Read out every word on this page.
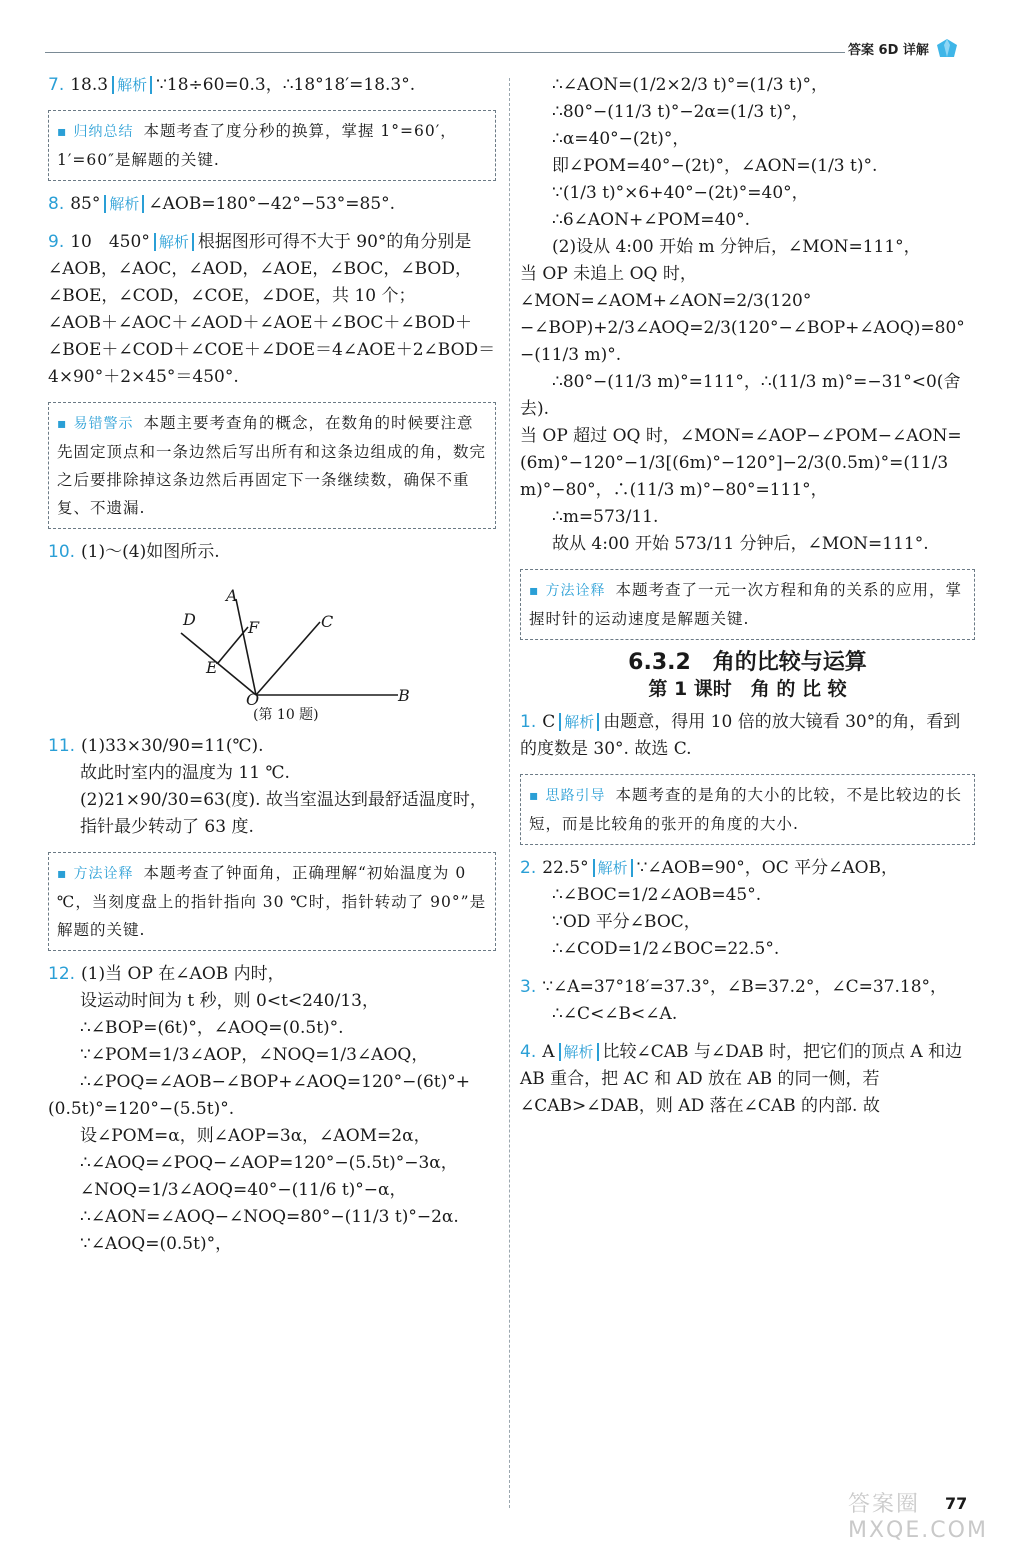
答案 6D 详解

7. 18.3 解析 ∵18÷60=0.3，∴18°18′=18.3°.

▪ 归纳总结 本题考查了度分秒的换算，掌握 1°=60′，1′=60″是解题的关键.

8. 85° 解析 ∠AOB=180°−42°−53°=85°.

9. 10　450° 解析 根据图形可得不大于 90°的角分别是∠AOB，∠AOC，∠AOD，∠AOE，∠BOC，∠BOD，∠BOE，∠COD，∠COE，∠DOE，共 10 个；
∠AOB＋∠AOC＋∠AOD＋∠AOE＋∠BOC＋∠BOD＋∠BOE＋∠COD＋∠COE＋∠DOE＝4∠AOE＋2∠BOD＝4×90°＋2×45°＝450°.

▪ 易错警示 本题主要考查角的概念，在数角的时候要注意先固定顶点和一条边然后写出所有和这条边组成的角，数完之后要排除掉这条边然后再固定下一条继续数，确保不重复、不遗漏.

10. (1)～(4)如图所示.

A
B
C
D
E
F
O
(第 10 题)

11. (1)33×30/90=11(℃).
故此时室内的温度为 11 ℃.
(2)21×90/30=63(度). 故当室温达到最舒适温度时，
指针最少转动了 63 度.

▪ 方法诠释 本题考查了钟面角，正确理解“初始温度为 0 ℃，当刻度盘上的指针指向 30 ℃时，指针转动了 90°”是解题的关键.

12. (1)当 OP 在∠AOB 内时，
设运动时间为 t 秒，则 0<t<240/13，
∴∠BOP=(6t)°，∠AOQ=(0.5t)°.
∵∠POM=1/3∠AOP，∠NOQ=1/3∠AOQ，
∴∠POQ=∠AOB−∠BOP+∠AOQ=120°−(6t)°+(0.5t)°=120°−(5.5t)°.
设∠POM=α，则∠AOP=3α，∠AOM=2α，
∴∠AOQ=∠POQ−∠AOP=120°−(5.5t)°−3α，
∠NOQ=1/3∠AOQ=40°−(11/6 t)°−α，
∴∠AON=∠AOQ−∠NOQ=80°−(11/3 t)°−2α.
∵∠AOQ=(0.5t)°，

∴∠AON=(1/2×2/3 t)°=(1/3 t)°，
∴80°−(11/3 t)°−2α=(1/3 t)°，
∴α=40°−(2t)°，
即∠POM=40°−(2t)°，∠AON=(1/3 t)°.
∵(1/3 t)°×6+40°−(2t)°=40°，
∴6∠AON+∠POM=40°.
(2)设从 4:00 开始 m 分钟后，∠MON=111°，
当 OP 未追上 OQ 时，∠MON=∠AOM+∠AON=2/3(120°−∠BOP)+2/3∠AOQ=2/3(120°−∠BOP+∠AOQ)=80°−(11/3 m)°.
∴80°−(11/3 m)°=111°，∴(11/3 m)°=−31°<0(舍去).
当 OP 超过 OQ 时，∠MON=∠AOP−∠POM−∠AON=(6m)°−120°−1/3[(6m)°−120°]−2/3(0.5m)°=(11/3 m)°−80°，∴(11/3 m)°−80°=111°，
∴m=573/11.
故从 4:00 开始 573/11 分钟后，∠MON=111°.

▪ 方法诠释 本题考查了一元一次方程和角的关系的应用，掌握时针的运动速度是解题关键.
6.3.2　角的比较与运算
第 1 课时　角 的 比 较

1. C 解析 由题意，得用 10 倍的放大镜看 30°的角，看到的度数是 30°. 故选 C.

▪ 思路引导 本题考查的是角的大小的比较，不是比较边的长短，而是比较角的张开的角度的大小.

2. 22.5° 解析 ∵∠AOB=90°，OC 平分∠AOB，
∴∠BOC=1/2∠AOB=45°.
∵OD 平分∠BOC，
∴∠COD=1/2∠BOC=22.5°.

3. ∵∠A=37°18′=37.3°，∠B=37.2°，∠C=37.18°，
∴∠C<∠B<∠A.

4. A 解析 比较∠CAB 与∠DAB 时，把它们的顶点 A 和边 AB 重合，把 AC 和 AD 放在 AB 的同一侧，若∠CAB>∠DAB，则 AD 落在∠CAB 的内部. 故

答案圈 MXQE.COM
77
